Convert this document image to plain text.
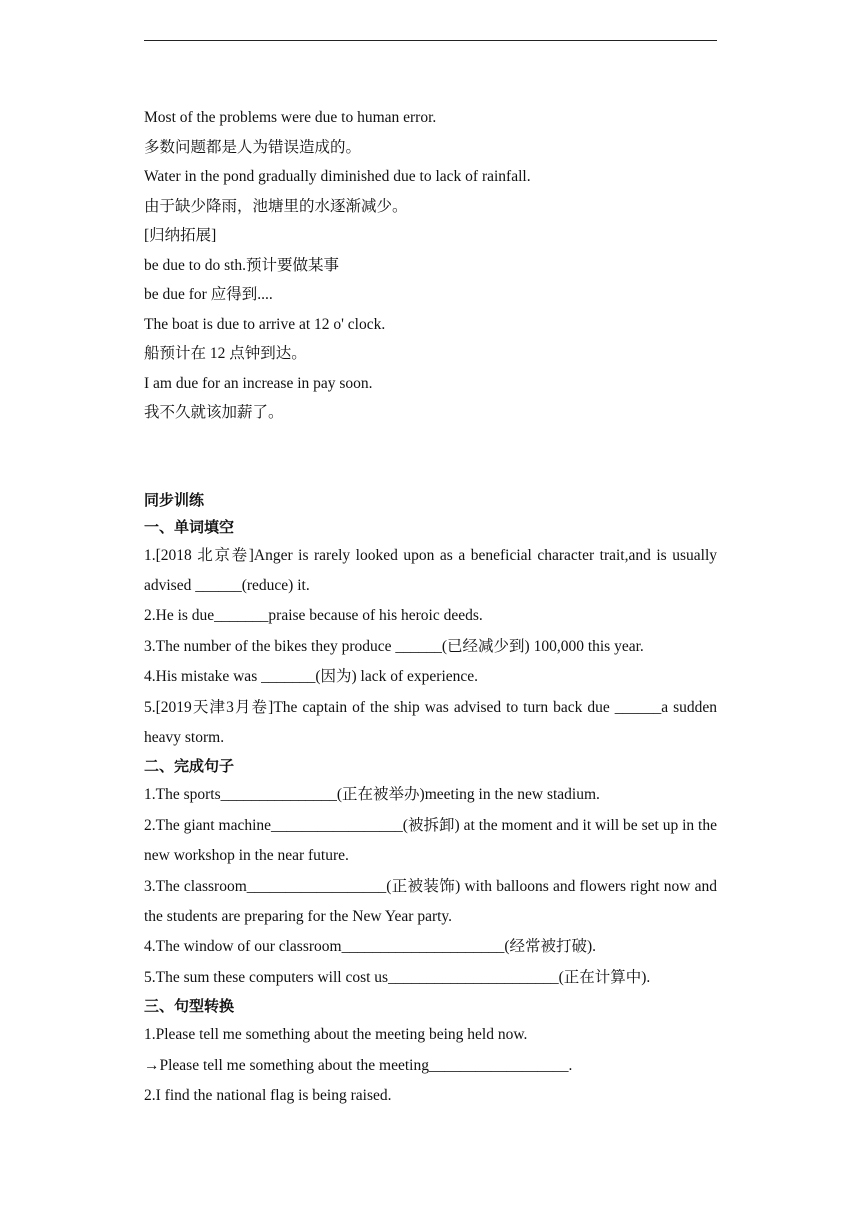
Most of the problems were due to human error.
多数问题都是人为错误造成的。
Water in the pond gradually diminished due to lack of rainfall.
由于缺少降雨，池塘里的水逐渐减少。
[归纳拓展]
be due to do sth.预计要做某事
be due for 应得到....
The boat is due to arrive at 12 o' clock.
船预计在 12 点钟到达。
I am due for an increase in pay soon.
我不久就该加薪了。
同步训练
一、单词填空
1.[2018 北京卷]Anger is rarely looked upon as a beneficial character trait,and is usually advised ______(reduce) it.
2.He is due_______praise because of his heroic deeds.
3.The number of the bikes they produce ______(已经减少到) 100,000 this year.
4.His mistake was _______(因为) lack of experience.
5.[2019天津3月卷]The captain of the ship was advised to turn back due ______a sudden heavy storm.
二、完成句子
1.The sports_______________(正在被举办)meeting in the new stadium.
2.The giant machine_________________(被拆卸) at the moment and it will be set up in the new workshop in the near future.
3.The classroom__________________(正被装饰) with balloons and flowers right now and the students are preparing for the New Year party.
4.The window of our classroom_____________________(经常被打破).
5.The sum these computers will cost us______________________(正在计算中).
三、句型转换
1.Please tell me something about the meeting being held now.
→Please tell me something about the meeting__________________.
2.I find the national flag is being raised.
